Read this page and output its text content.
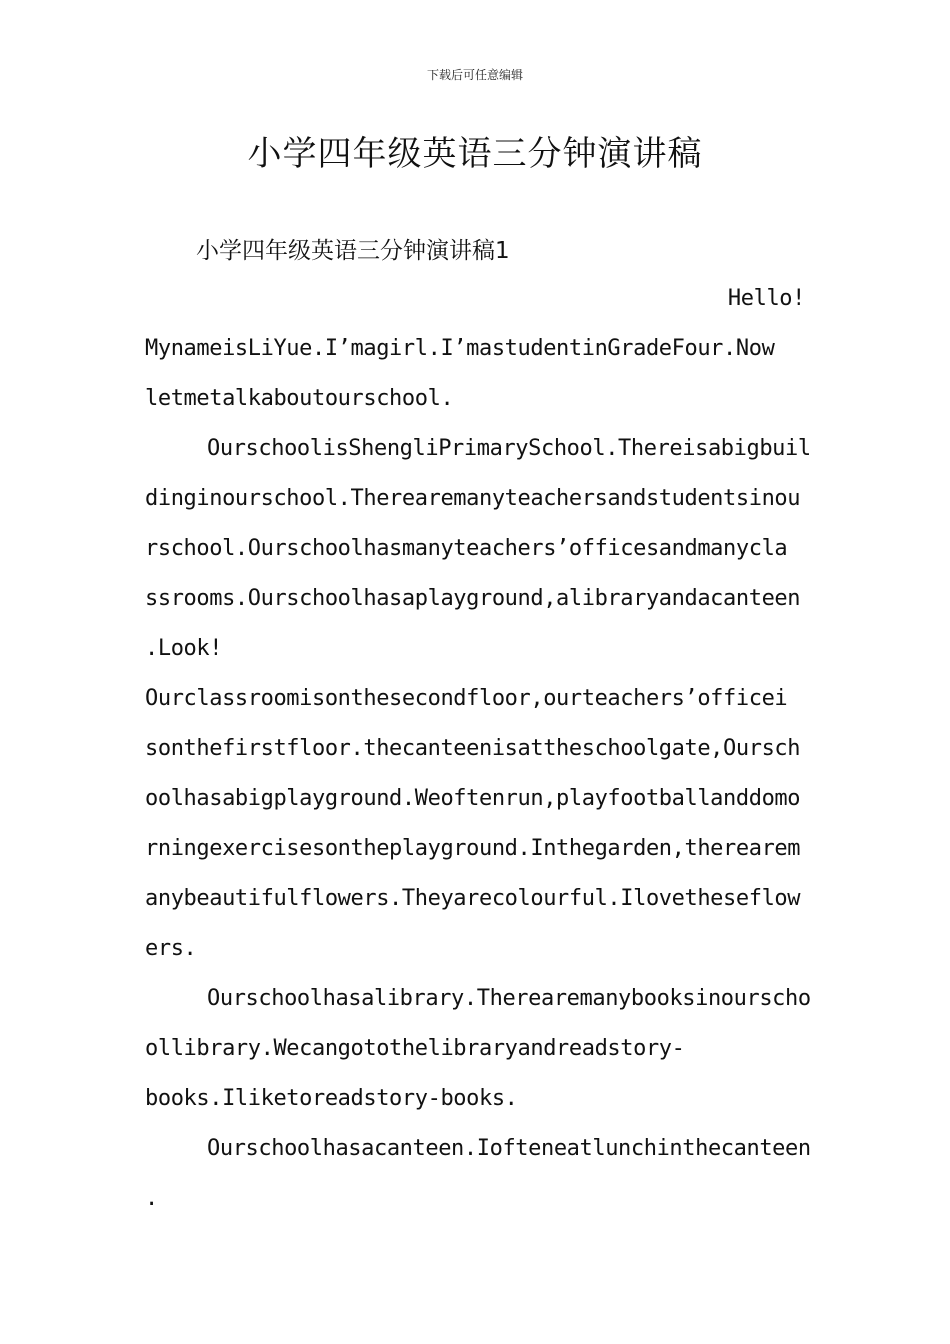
下载后可任意编辑
小学四年级英语三分钟演讲稿
小学四年级英语三分钟演讲稿1
Hello!
MynameisLiYue.I’magirl.I’mastudentinGradeFour.Now
letmetalkaboutourschool.
OurschoolisShengliPrimarySchool.Thereisabigbuil
dinginourschool.Therearemanyteachersandstudentsinou
rschool.Ourschoolhasmanyteachers’officesandmanycla
ssrooms.Ourschoolhasaplayground,alibraryandacanteen
.Look!
Ourclassroomisonthesecondfloor,ourteachers’officei
sonthefirstfloor.thecanteenisattheschoolgate,Oursch
oolhasabigplayground.Weoftenrun,playfootballanddomo
rningexercisesontheplayground.Inthegarden,therearem
anybeautifulflowers.Theyarecolourful.Ilovetheseflow
ers.
Ourschoolhasalibrary.Therearemanybooksinourscho
ollibrary.Wecangotothelibraryandreadstory-
books.Iliketoreadstory-books.
Ourschoolhasacanteen.Iofteneatlunchinthecanteen
.
